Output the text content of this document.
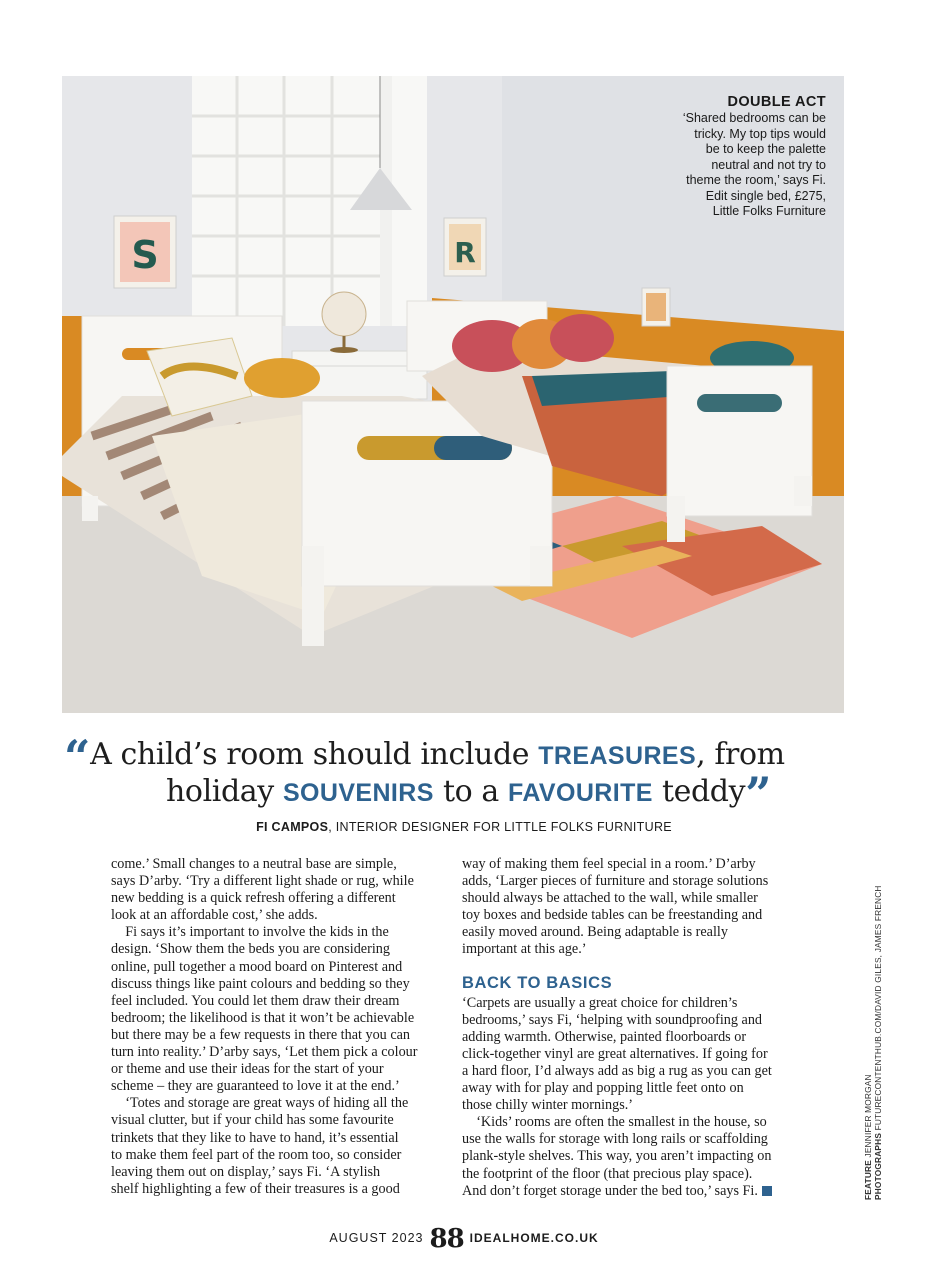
S	R
DOUBLE ACT
‘Shared bedrooms can be
tricky. My top tips would
be to keep the palette
neutral and not try to
theme the room,’ says Fi.
Edit single bed, £275,
Little Folks Furniture
“A child’s room should include TREASURES, from
holiday SOUVENIRS to a FAVOURITE teddy”
FI CAMPOS, INTERIOR DESIGNER FOR LITTLE FOLKS FURNITURE

come.’ Small changes to a neutral base are simple,
says D’arby. ‘Try a different light shade or rug, while
new bedding is a quick refresh offering a different
look at an affordable cost,’ she adds.

Fi says it’s important to involve the kids in the
design. ‘Show them the beds you are considering
online, pull together a mood board on Pinterest and
discuss things like paint colours and bedding so they
feel included. You could let them draw their dream
bedroom; the likelihood is that it won’t be achievable
but there may be a few requests in there that you can
turn into reality.’ D’arby says, ‘Let them pick a colour
or theme and use their ideas for the start of your
scheme – they are guaranteed to love it at the end.’

‘Totes and storage are great ways of hiding all the
visual clutter, but if your child has some favourite
trinkets that they like to have to hand, it’s essential
to make them feel part of the room too, so consider
leaving them out on display,’ says Fi. ‘A stylish
shelf highlighting a few of their treasures is a good

way of making them feel special in a room.’ D’arby
adds, ‘Larger pieces of furniture and storage solutions
should always be attached to the wall, while smaller
toy boxes and bedside tables can be freestanding and
easily moved around. Being adaptable is really
important at this age.’

BACK TO BASICS

‘Carpets are usually a great choice for children’s
bedrooms,’ says Fi, ‘helping with soundproofing and
adding warmth. Otherwise, painted floorboards or
click-together vinyl are great alternatives. If going for
a hard floor, I’d always add as big a rug as you can get
away with for play and popping little feet onto on
those chilly winter mornings.’

‘Kids’ rooms are often the smallest in the house, so
use the walls for storage with long rails or scaffolding
plank-style shelves. This way, you aren’t impacting on
the footprint of the floor (that precious play space).
And don’t forget storage under the bed too,’ says Fi.	FEATURE JENNIFER MORGAN
PHOTOGRAPHS FUTURECONTENTHUB.COM/DAVID GILES, JAMES FRENCH
$^{AUGUST 2023}$ 88 $^{IDEALHOME.CO.UK}$
